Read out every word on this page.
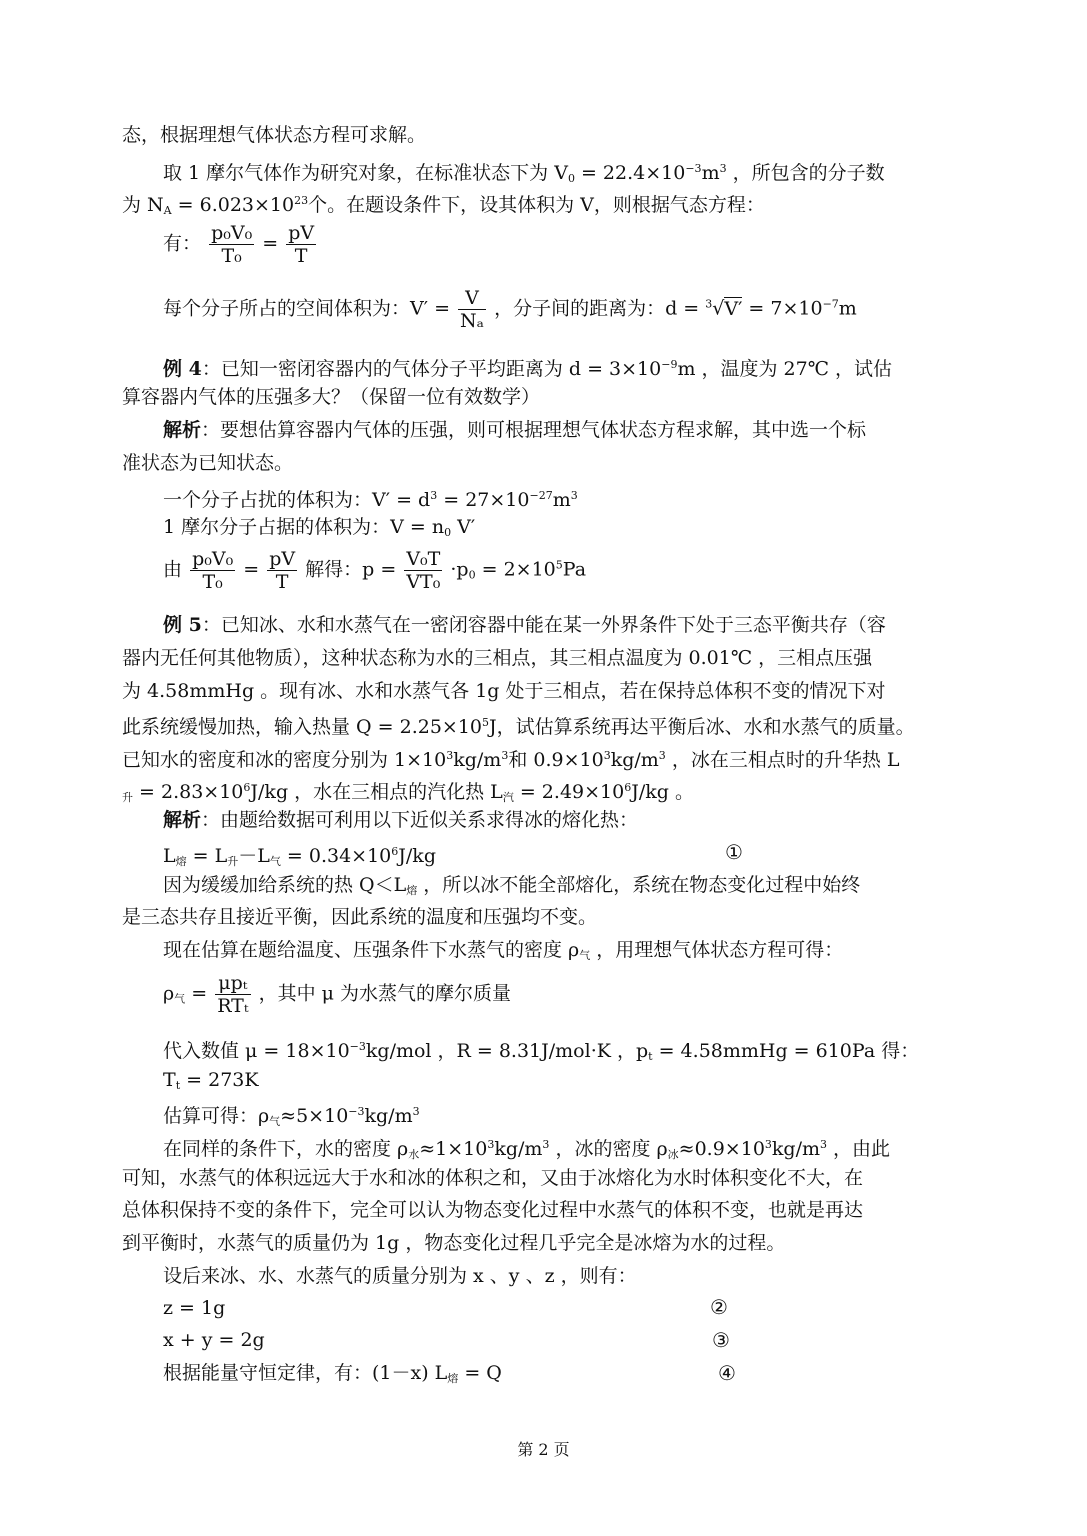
态，根据理想气体状态方程可求解。
取 1 摩尔气体作为研究对象，在标准状态下为 $V_0 = 22.4\times 10^{-3}m^3$ ，所包含的分子数
为 $N_A = 6.023\times 10^{23}$个。在题设条件下，设其体积为 V，则根据气态方程：
有： $\frac{\text{p₀V₀}}{\text{T₀}} = \frac{pV}{T}$
每个分子所占的空间体积为：$V' = \frac{V}{\text{Nₐ}}$ ，分子间的距离为：$d = ^3√V' = 7\times 10^{-7}m$
例 4：已知一密闭容器内的气体分子平均距离为 $d = 3\times 10^{-9}m$ ，温度为 27℃ ，试估
算容器内气体的压强多大？（保留一位有效数学）
解析：要想估算容器内气体的压强，则可根据理想气体状态方程求解，其中选一个标
准状态为已知状态。
一个分子占扰的体积为：$V' = d^3 = 27\times 10^{-27}m^3$
1 摩尔分子占据的体积为：$V = n_0$ V′
由 $\frac{\text{p₀V₀}}{\text{T₀}} = \frac{pV}{T}$ 解得：$p = \frac{\text{V₀T}}{\text{VT₀}} \cdot p_0 = 2\times 10^5Pa$
例 5：已知冰、水和水蒸气在一密闭容器中能在某一外界条件下处于三态平衡共存（容
器内无任何其他物质），这种状态称为水的三相点，其三相点温度为 0.01℃ ，三相点压强
为 4.58mmHg 。现有冰、水和水蒸气各 1g 处于三相点，若在保持总体积不变的情况下对
此系统缓慢加热，输入热量 $Q = 2.25\times 10^5J$，试估算系统再达平衡后冰、水和水蒸气的质量。
已知水的密度和冰的密度分别为 $1\times 10^3kg/m^3$和 $0.9\times 10^3kg/m^3$ ，冰在三相点时的升华热 L
$_升 = 2.83\times 10^6J/kg$ ，水在三相点的汽化热 $L_汽 = 2.49\times 10^6J/kg$ 。
解析：由题给数据可利用以下近似关系求得冰的熔化热：
$L_熔 = L_升-L_气 = 0.34\times 10^6J/kg$	①
因为缓缓加给系统的热 $Q<L_熔$ ，所以冰不能全部熔化，系统在物态变化过程中始终
是三态共存且接近平衡，因此系统的温度和压强均不变。
现在估算在题给温度、压强条件下水蒸气的密度 $\rho_气$ ，用理想气体状态方程可得：
$\rho_气 = \frac{\text{μpₜ}}{\text{RTₜ}}$ ，其中 μ 为水蒸气的摩尔质量
代入数值 $\mu = 18\times 10^{-3}kg$/mol ，R = 8.31J/mol·K ，$p_t$ = 4.58mmHg = 610Pa 得：
$T_t = 273K$
估算可得：$\rho_气\approx 5\times 10^{-3}kg/m^3$
在同样的条件下，水的密度 $\rho_水\approx 1\times 10^3kg/m^3$ ，冰的密度 $\rho_冰\approx 0.9\times 10^3kg/m^3$ ，由此
可知，水蒸气的体积远远大于水和冰的体积之和，又由于冰熔化为水时体积变化不大，在
总体积保持不变的条件下，完全可以认为物态变化过程中水蒸气的体积不变，也就是再达
到平衡时，水蒸气的质量仍为 1g ，物态变化过程几乎完全是冰熔为水的过程。
设后来冰、水、水蒸气的质量分别为 x 、y 、z ，则有：
z = 1g	②
x + y = 2g	③
根据能量守恒定律，有：(1－x) $L_熔 = Q$	④
第 2 页
